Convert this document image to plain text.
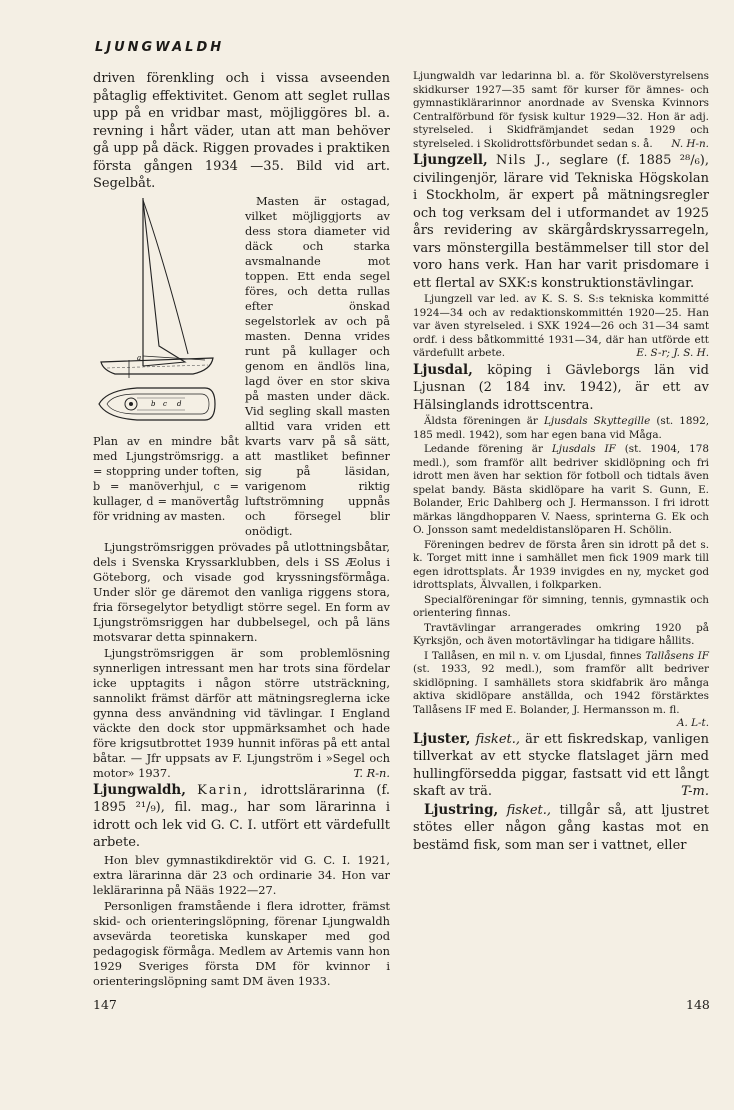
LJUNGWALDH

driven förenkling och i vissa avseenden påtaglig effektivitet. Genom att seglet rullas upp på en vridbar mast, möjliggöres bl. a. revning i hårt väder, utan att man behöver gå upp på däck. Riggen provades i praktiken första gången 1934 —35. Bild vid art. Segelbåt.

a
b c d
Plan av en mindre båt med Ljungströmsrigg. a = stoppring under toften, b = manöverhjul, c = kullager, d = manövertåg för vridning av masten.

Masten är ostagad, vilket möjliggjorts av dess stora diameter vid däck och starka avsmalnande mot toppen. Ett enda segel föres, och detta rullas efter önskad segelstorlek av och på masten. Denna vrides runt på kullager och genom en ändlös lina, lagd över en stor skiva på masten under däck. Vid segling skall masten alltid vara vriden ett kvarts varv på så sätt, att mastliket befinner sig på läsidan, varigenom riktig luftströmning uppnås och försegel blir onödigt.

Ljungströmsriggen prövades på utlottningsbåtar, dels i Svenska Kryssarklubben, dels i SS Æolus i Göteborg, och visade god kryssningsförmåga. Under slör ge däremot den vanliga riggens stora, fria försegelytor betydligt större segel. En form av Ljungströmsriggen har dubbelsegel, och på läns motsvarar detta spinnakern.

Ljungströmsriggen är som problemlösning synnerligen intressant men har trots sina fördelar icke upptagits i någon större utsträckning, sannolikt främst därför att mätningsreglerna icke gynna dess användning vid tävlingar. I England väckte den dock stor uppmärksamhet och hade före krigsutbrottet 1939 hunnit införas på ett antal båtar. — Jfr uppsats av F. Ljungström i »Segel och motor» 1937.	T. R-n.

Ljungwaldh, Karin, idrottslärarinna (f. 1895 ²¹/₉), fil. mag., har som lärarinna i idrott och lek vid G. C. I. utfört ett värdefullt arbete.

Hon blev gymnastikdirektör vid G. C. I. 1921, extra lärarinna där 23 och ordinarie 34. Hon var leklärarinna på Nääs 1922—27.

Personligen framstående i flera idrotter, främst skid- och orienteringslöpning, förenar Ljungwaldh avsevärda teoretiska kunskaper med god pedagogisk förmåga. Medlem av Artemis vann hon 1929 Sveriges första DM för kvinnor i orienteringslöpning samt DM även 1933.

Ljungwaldh var ledarinna bl. a. för Skolöverstyrelsens skidkurser 1927—35 samt för kurser för ämnes- och gymnastiklärarinnor anordnade av Svenska Kvinnors Centralförbund för fysisk kultur 1929—32. Hon är adj. styrelseled. i Skidfrämjandet sedan 1929 och styrelseled. i Skolidrottsförbundet sedan s. å. N. H-n.

Ljungzell, Nils J., seglare (f. 1885 ²⁸/₆), civilingenjör, lärare vid Tekniska Högskolan i Stockholm, är expert på mätningsregler och tog verksam del i utformandet av 1925 års revidering av skärgårdskryssarregeln, vars mönstergilla bestämmelser till stor del voro hans verk. Han har varit prisdomare i ett flertal av SXK:s konstruktionstävlingar.

Ljungzell var led. av K. S. S. S:s tekniska kommitté 1924—34 och av redaktionskommittén 1920—25. Han var även styrelseled. i SXK 1924—26 och 31—34 samt ordf. i dess båtkommitté 1931—34, där han utförde ett värdefullt arbete.	E. S-r; J. S. H.

Ljusdal, köping i Gävleborgs län vid Ljusnan (2 184 inv. 1942), är ett av Hälsinglands idrottscentra.

Äldsta föreningen är Ljusdals Skyttegille (st. 1892, 185 medl. 1942), som har egen bana vid Måga.

Ledande förening är Ljusdals IF (st. 1904, 178 medl.), som framför allt bedriver skidlöpning och fri idrott men även har sektion för fotboll och tidtals även spelat bandy. Bästa skidlöpare ha varit S. Gunn, E. Bolander, Eric Dahlberg och J. Hermansson. I fri idrott märkas längdhopparen V. Naess, sprinterna G. Ek och O. Jonsson samt medeldistanslöparen H. Schölin.

Föreningen bedrev de första åren sin idrott på det s. k. Torget mitt inne i samhället men fick 1909 mark till egen idrottsplats. År 1939 invigdes en ny, mycket god idrottsplats, Älvvallen, i folkparken.

Specialföreningar för simning, tennis, gymnastik och orientering finnas.

Travtävlingar arrangerades omkring 1920 på Kyrksjön, och även motortävlingar ha tidigare hållits.

I Tallåsen, en mil n. v. om Ljusdal, finnes Tallåsens IF (st. 1933, 92 medl.), som framför allt bedriver skidlöpning. I samhällets stora skidfabrik äro många aktiva skidlöpare anställda, och 1942 förstärktes Tallåsens IF med E. Bolander, J. Hermansson m. fl.
A. L-t.

Ljuster, fisket., är ett fiskredskap, vanligen tillverkat av ett stycke flatslaget järn med hullingförsedda piggar, fastsatt vid ett långt skaft av trä.	T-m.

Ljustring, fisket., tillgår så, att ljustret stötes eller någon gång kastas mot en bestämd fisk, som man ser i vattnet, eller

147	148
